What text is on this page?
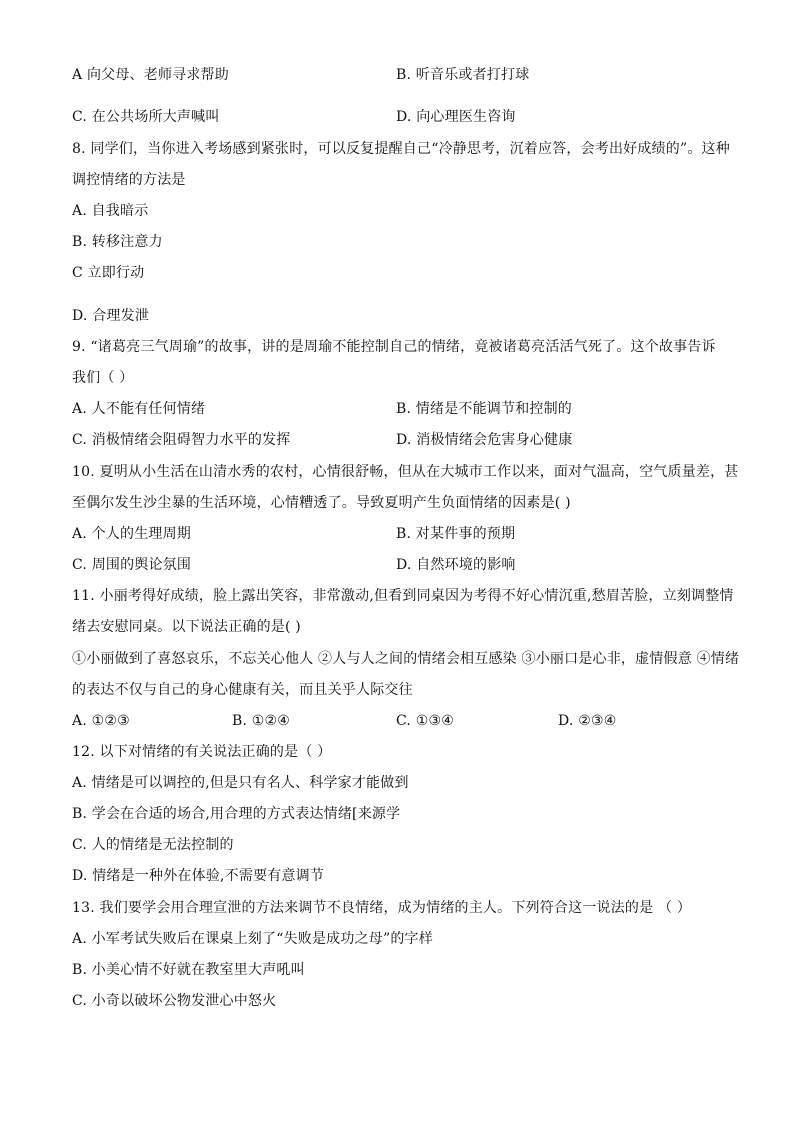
A 向父母、老师寻求帮助	B. 听音乐或者打打球
C. 在公共场所大声喊叫	D. 向心理医生咨询
8. 同学们，当你进入考场感到紧张时，可以反复提醒自己“冷静思考，沉着应答，会考出好成绩的”。这种
调控情绪的方法是
A. 自我暗示
B. 转移注意力
C 立即行动
D. 合理发泄
9. “诸葛亮三气周瑜”的故事，讲的是周瑜不能控制自己的情绪，竟被诸葛亮活活气死了。这个故事告诉
我们（ ）
A. 人不能有任何情绪	B. 情绪是不能调节和控制的
C. 消极情绪会阻碍智力水平的发挥	D. 消极情绪会危害身心健康
10. 夏明从小生活在山清水秀的农村，心情很舒畅，但从在大城市工作以来，面对气温高，空气质量差，甚
至偶尔发生沙尘暴的生活环境，心情糟透了。导致夏明产生负面情绪的因素是( )
A. 个人的生理周期	B. 对某件事的预期
C. 周围的舆论氛围	D. 自然环境的影响
11. 小丽考得好成绩，脸上露出笑容，非常激动,但看到同桌因为考得不好心情沉重,愁眉苦脸，立刻调整情
绪去安慰同桌。以下说法正确的是( )
①小丽做到了喜怒哀乐，不忘关心他人 ②人与人之间的情绪会相互感染 ③小丽口是心非，虚情假意 ④情绪
的表达不仅与自己的身心健康有关，而且关乎人际交往
A. ①②③	B. ①②④	C. ①③④	D. ②③④
12. 以下对情绪的有关说法正确的是（ ）
A. 情绪是可以调控的,但是只有名人、科学家才能做到
B. 学会在合适的场合,用合理的方式表达情绪[来源学
C. 人的情绪是无法控制的
D. 情绪是一种外在体验,不需要有意调节
13. 我们要学会用合理宣泄的方法来调节不良情绪，成为情绪的主人。下列符合这一说法的是 （ ）
A. 小军考试失败后在课桌上刻了“失败是成功之母”的字样
B. 小美心情不好就在教室里大声吼叫
C. 小奇以破坏公物发泄心中怒火
